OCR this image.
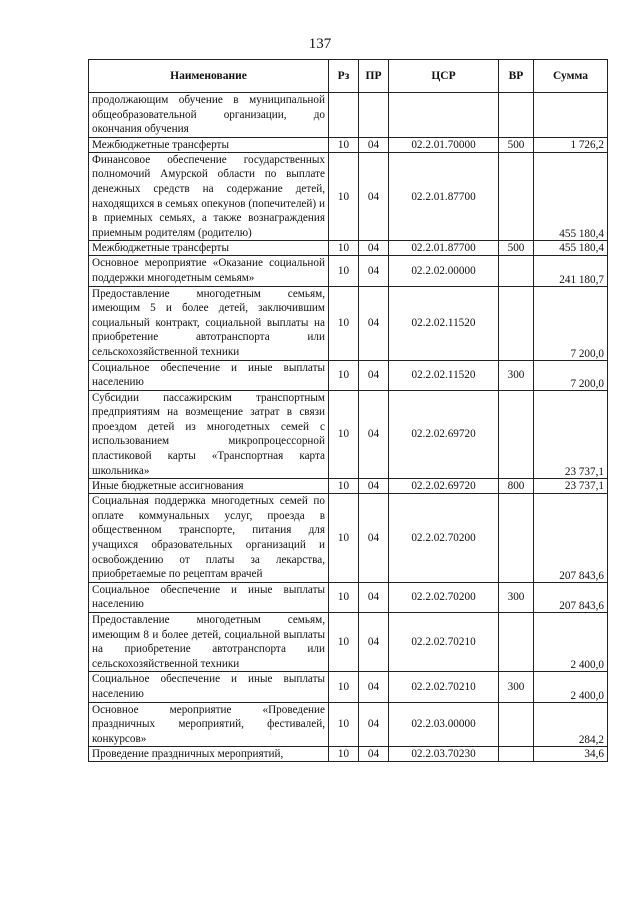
137
Наименование	Рз	ПР	ЦСР	ВР	Сумма
продолжающим обучение в муниципальной общеобразовательной организации, до окончания обучения					
Межбюджетные трансферты	10	04	02.2.01.70000	500	1 726,2
Финансовое обеспечение государственных полномочий Амурской области по выплате денежных средств на содержание детей, находящихся в семьях опекунов (попечителей) и в приемных семьях, а также вознаграждения приемным родителям (родителю)	10	04	02.2.01.87700		455 180,4
Межбюджетные трансферты	10	04	02.2.01.87700	500	455 180,4
Основное мероприятие «Оказание социальной поддержки многодетным семьям»	10	04	02.2.02.00000		241 180,7
Предоставление многодетным семьям, имеющим 5 и более детей, заключившим социальный контракт, социальной выплаты на приобретение автотранспорта или сельскохозяйственной техники	10	04	02.2.02.11520		7 200,0
Социальное обеспечение и иные выплаты населению	10	04	02.2.02.11520	300	7 200,0
Субсидии пассажирским транспортным предприятиям на возмещение затрат в связи проездом детей из многодетных семей с использованием микропроцессорной пластиковой карты «Транспортная карта школьника»	10	04	02.2.02.69720		23 737,1
Иные бюджетные ассигнования	10	04	02.2.02.69720	800	23 737,1
Социальная поддержка многодетных семей по оплате коммунальных услуг, проезда в общественном транспорте, питания для учащихся образовательных организаций и освобождению от платы за лекарства, приобретаемые по рецептам врачей	10	04	02.2.02.70200		207 843,6
Социальное обеспечение и иные выплаты населению	10	04	02.2.02.70200	300	207 843,6
Предоставление многодетным семьям, имеющим 8 и более детей, социальной выплаты на приобретение автотранспорта или сельскохозяйственной техники	10	04	02.2.02.70210		2 400,0
Социальное обеспечение и иные выплаты населению	10	04	02.2.02.70210	300	2 400,0
Основное мероприятие «Проведение праздничных мероприятий, фестивалей, конкурсов»	10	04	02.2.03.00000		284,2
Проведение праздничных мероприятий,	10	04	02.2.03.70230		34,6
